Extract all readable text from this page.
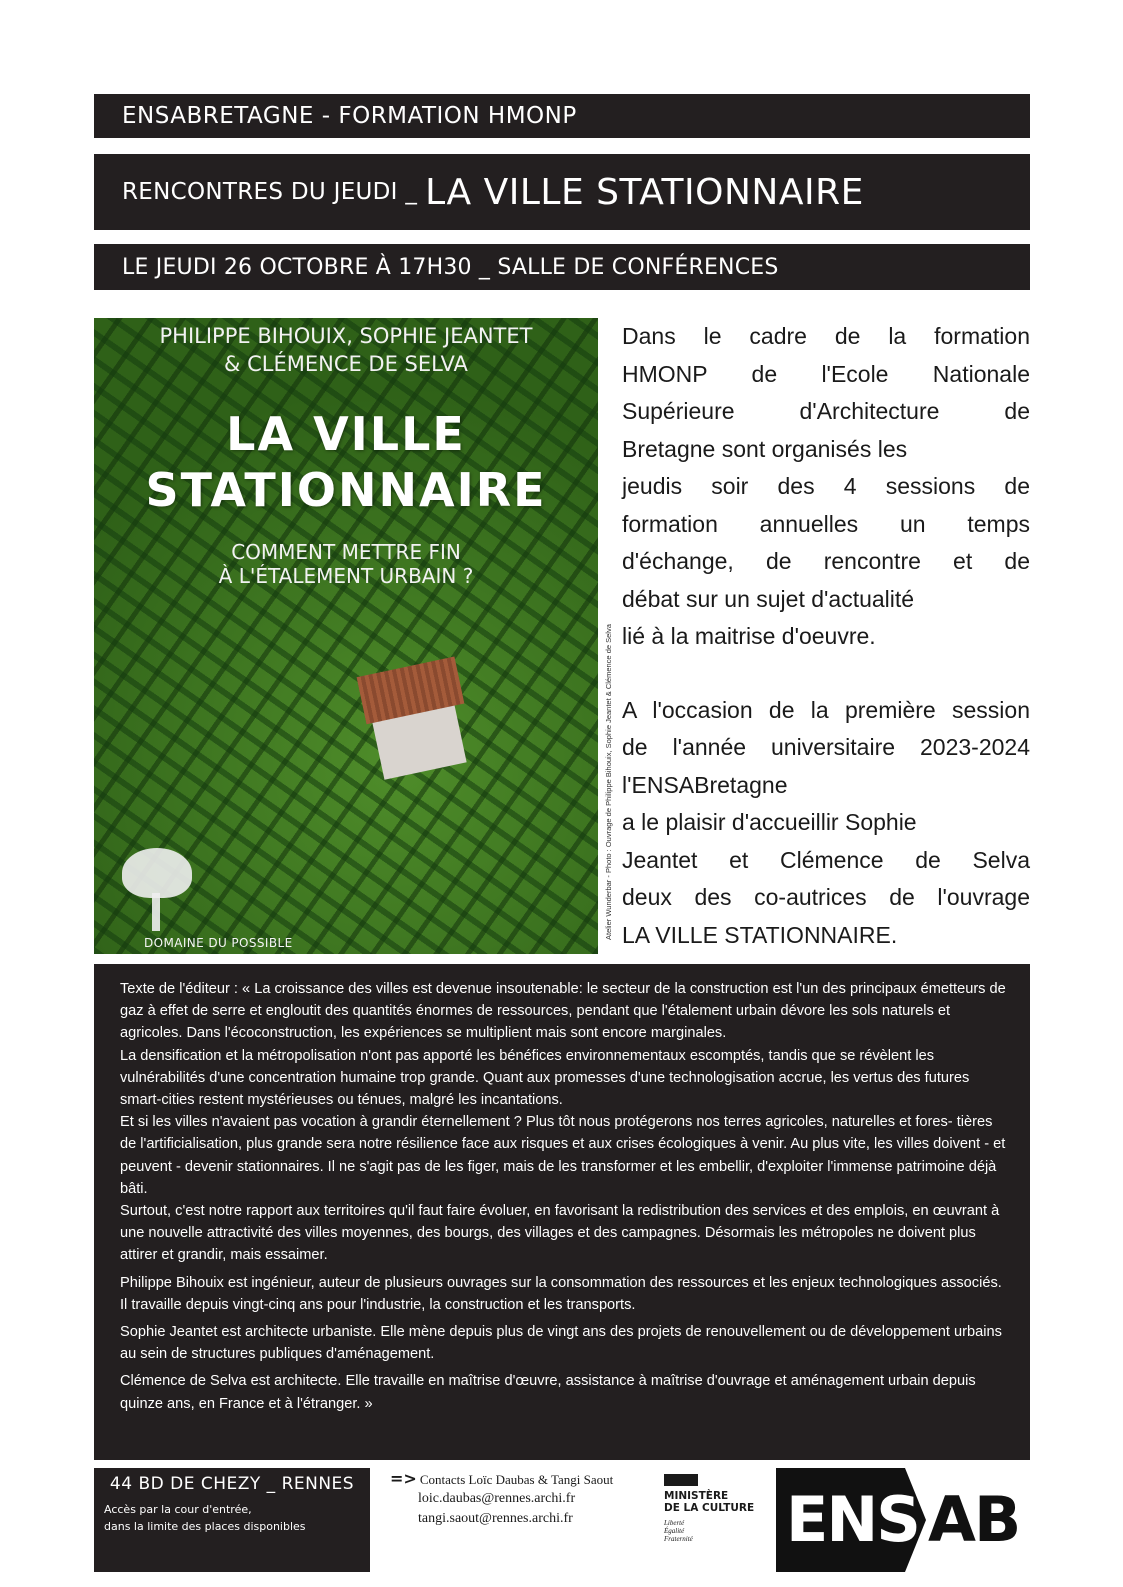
ENSABRETAGNE - FORMATION HMONP
RENCONTRES DU JEUDI _ LA VILLE STATIONNAIRE
LE JEUDI 26 OCTOBRE À 17H30 _ SALLE DE CONFÉRENCES
PHILIPPE BIHOUIX, SOPHIE JEANTET
& CLÉMENCE DE SELVA
LA VILLE
STATIONNAIRE
COMMENT METTRE FIN
À L'ÉTALEMENT URBAIN ?
DOMAINE DU POSSIBLE
Atelier Wunderbar - Photo : Ouvrage de Philippe Bihouix, Sophie Jeantet & Clémence de Selva

Dans le cadre de la formation

HMONP de l'Ecole Nationale

Supérieure d'Architecture de

Bretagne sont organisés les

jeudis soir des 4 sessions de

formation annuelles un temps

d'échange, de rencontre et de

débat sur un sujet d'actualité

lié à la maitrise d'oeuvre.

A l'occasion de la première session

de l'année universitaire 2023-2024

l'ENSABretagne

a le plaisir d'accueillir Sophie

Jeantet et Clémence de Selva

deux des co-autrices de l'ouvrage

LA VILLE STATIONNAIRE.

Texte de l'éditeur : « La croissance des villes est devenue insoutenable: le secteur de la construction est l'un des principaux émetteurs de gaz à effet de serre et engloutit des quantités énormes de ressources, pendant que l'étalement urbain dévore les sols naturels et agricoles. Dans l'écoconstruction, les expériences se multiplient mais sont encore marginales.

La densification et la métropolisation n'ont pas apporté les bénéfices environnementaux escomptés, tandis que se révèlent les vulnérabilités d'une concentration humaine trop grande. Quant aux promesses d'une technologisation accrue, les vertus des futures smart-cities restent mystérieuses ou ténues, malgré les incantations.

Et si les villes n'avaient pas vocation à grandir éternellement ? Plus tôt nous protégerons nos terres agricoles, naturelles et fores- tières de l'artificialisation, plus grande sera notre résilience face aux risques et aux crises écologiques à venir. Au plus vite, les villes doivent - et peuvent - devenir stationnaires. Il ne s'agit pas de les figer, mais de les transformer et les embellir, d'exploiter l'immense patrimoine déjà bâti.

Surtout, c'est notre rapport aux territoires qu'il faut faire évoluer, en favorisant la redistribution des services et des emplois, en œuvrant à une nouvelle attractivité des villes moyennes, des bourgs, des villages et des campagnes. Désormais les métropoles ne doivent plus attirer et grandir, mais essaimer.

Philippe Bihouix est ingénieur, auteur de plusieurs ouvrages sur la consommation des ressources et les enjeux technologiques associés. Il travaille depuis vingt-cinq ans pour l'industrie, la construction et les transports.

Sophie Jeantet est architecte urbaniste. Elle mène depuis plus de vingt ans des projets de renouvellement ou de développement urbains au sein de structures publiques d'aménagement.

Clémence de Selva est architecte. Elle travaille en maîtrise d'œuvre, assistance à maîtrise d'ouvrage et aménagement urbain depuis quinze ans, en France et à l'étranger. »

44 BD DE CHEZY _ RENNES
Accès par la cour d'entrée,
dans la limite des places disponibles
=> Contacts Loïc Daubas & Tangi Saout
loic.daubas@rennes.archi.fr
tangi.saout@rennes.archi.fr
MINISTÈRE
DE LA CULTURE
Liberté
Égalité
Fraternité	ENS AB
